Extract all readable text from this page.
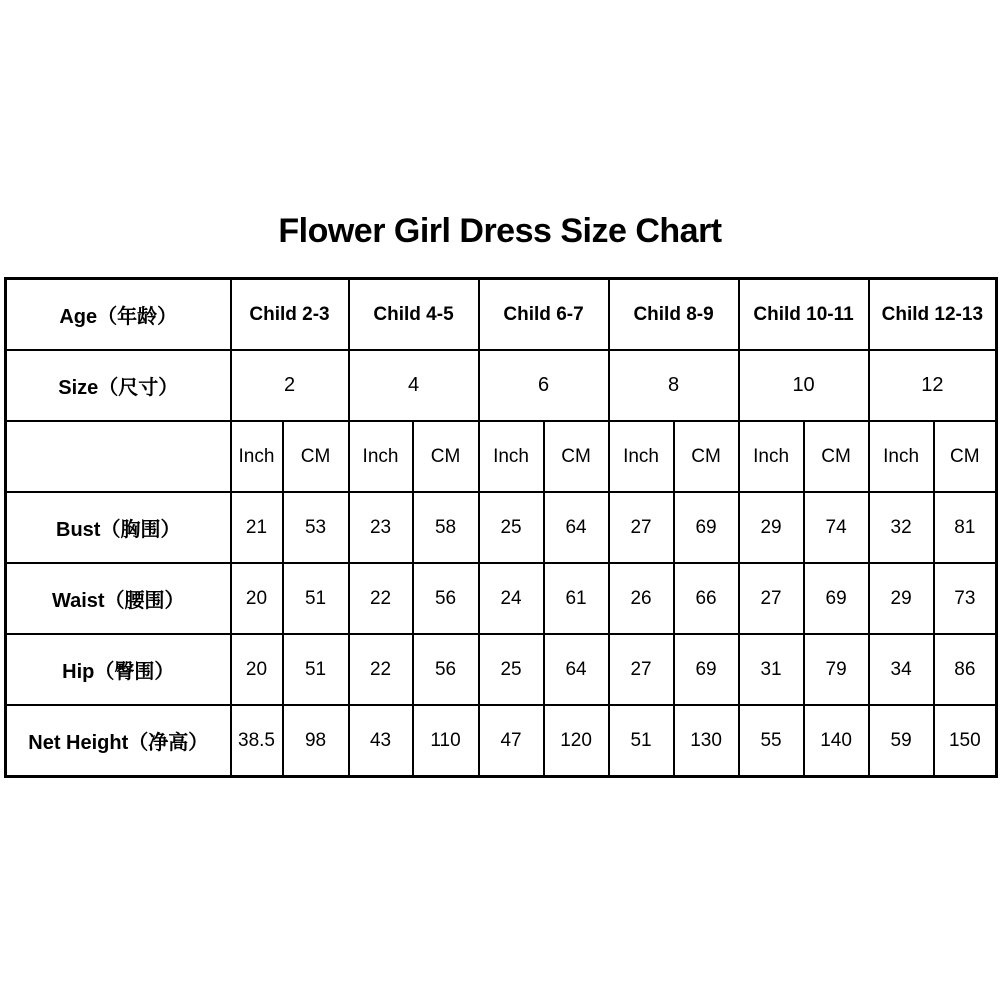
Flower Girl Dress Size Chart
Age（年龄）	Child 2-3		Child 4-5		Child 6-7		Child 8-9		Child 10-11		Child 12-13	
Size（尺寸）	2		4		6		8		10		12	
	Inch	CM	Inch	CM	Inch	CM	Inch	CM	Inch	CM	Inch	CM
Bust（胸围）	21	53	23	58	25	64	27	69	29	74	32	81
Waist（腰围）	20	51	22	56	24	61	26	66	27	69	29	73
Hip（臀围）	20	51	22	56	25	64	27	69	31	79	34	86
Net Height（净高）	38.5	98	43	110	47	120	51	130	55	140	59	150
